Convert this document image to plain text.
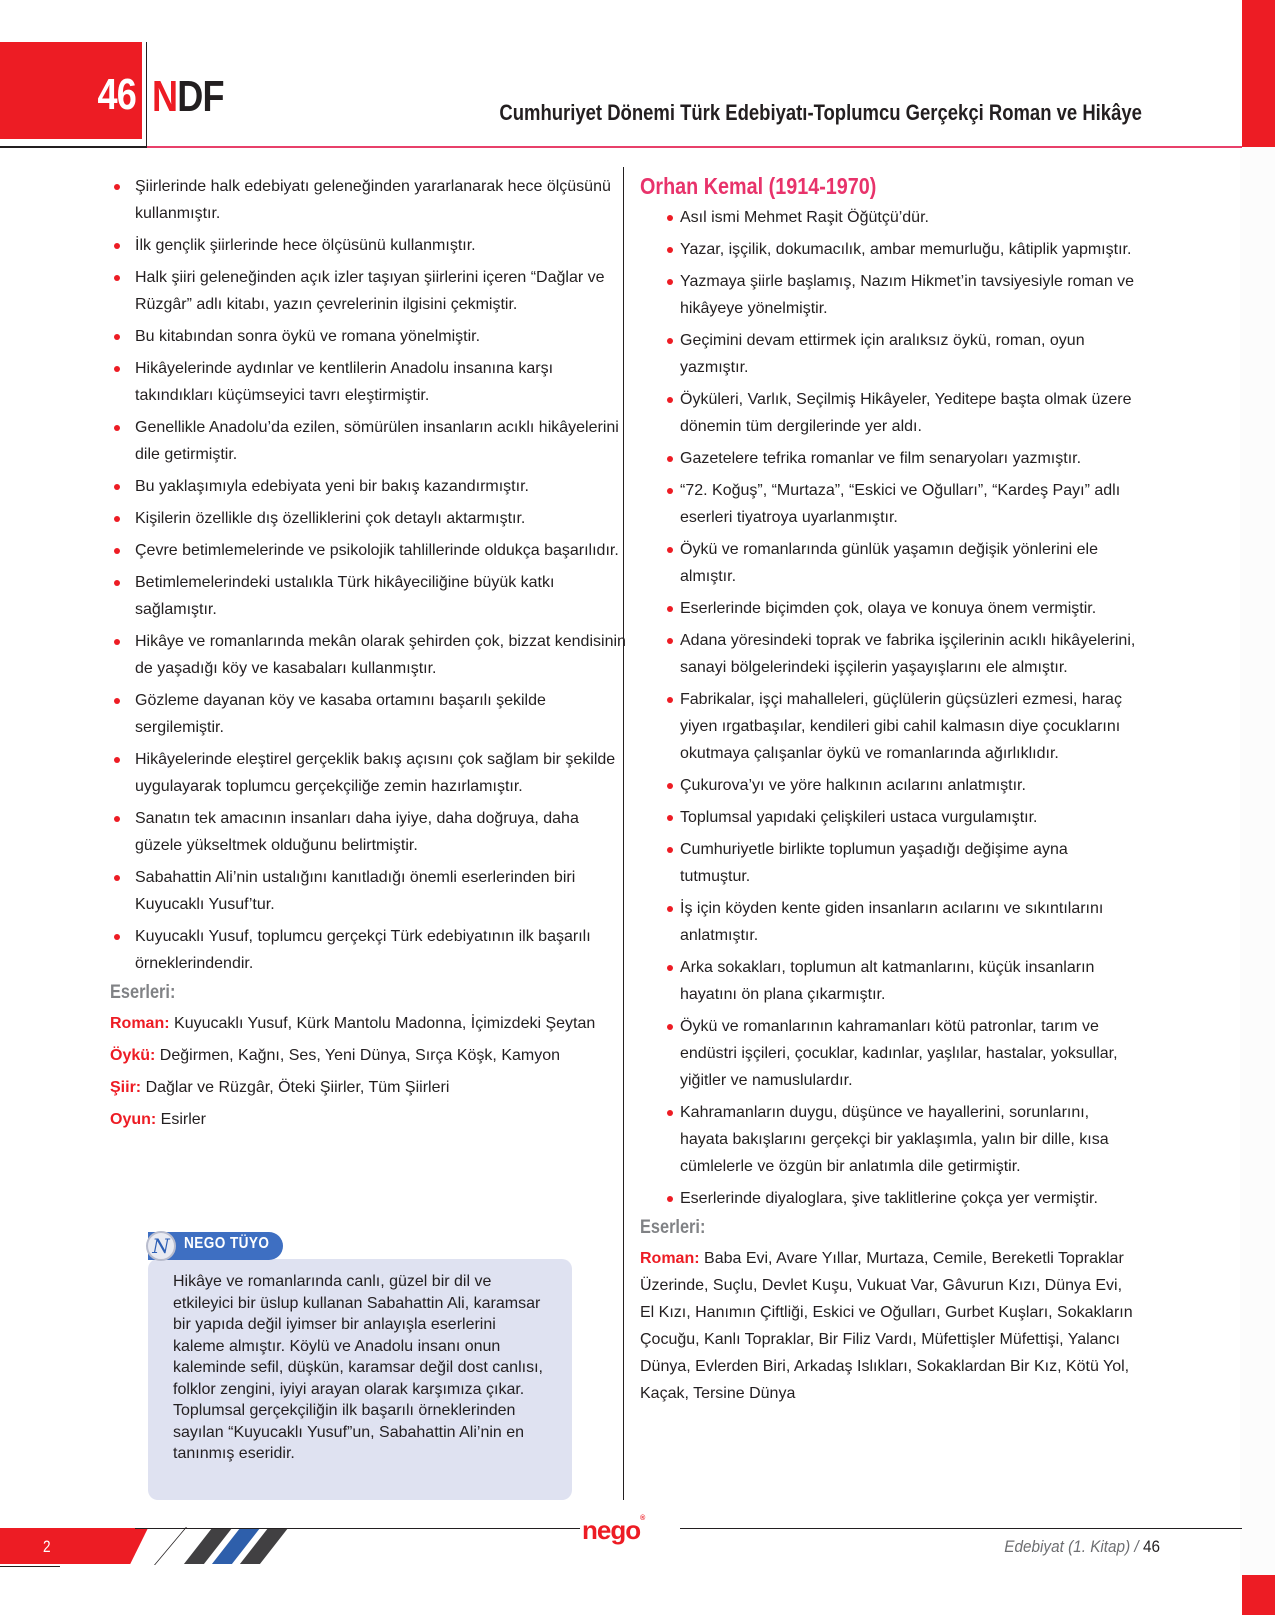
46 NDF	Cumhuriyet Dönemi Türk Edebiyatı-Toplumcu Gerçekçi Roman ve Hikâye
Şiirlerinde halk edebiyatı geleneğinden yararlanarak hece ölçüsünü kullanmıştır.
İlk gençlik şiirlerinde hece ölçüsünü kullanmıştır.
Halk şiiri geleneğinden açık izler taşıyan şiirlerini içeren “Dağlar ve Rüzgâr” adlı kitabı, yazın çevrelerinin ilgisini çekmiştir.
Bu kitabından sonra öykü ve romana yönelmiştir.
Hikâyelerinde aydınlar ve kentlilerin Anadolu insanına karşı takındıkları küçümseyici tavrı eleştirmiştir.
Genellikle Anadolu’da ezilen, sömürülen insanların acıklı hikâyelerini dile getirmiştir.
Bu yaklaşımıyla edebiyata yeni bir bakış kazandırmıştır.
Kişilerin özellikle dış özelliklerini çok detaylı aktarmıştır.
Çevre betimlemelerinde ve psikolojik tahlillerinde oldukça başarılıdır.
Betimlemelerindeki ustalıkla Türk hikâyeciliğine büyük katkı sağlamıştır.
Hikâye ve romanlarında mekân olarak şehirden çok, bizzat kendisinin de yaşadığı köy ve kasabaları kullanmıştır.
Gözleme dayanan köy ve kasaba ortamını başarılı şekilde sergilemiştir.
Hikâyelerinde eleştirel gerçeklik bakış açısını çok sağlam bir şekilde uygulayarak toplumcu gerçekçiliğe zemin hazırlamıştır.
Sanatın tek amacının insanları daha iyiye, daha doğruya, daha güzele yükseltmek olduğunu belirtmiştir.
Sabahattin Ali’nin ustalığını kanıtladığı önemli eserlerinden biri Kuyucaklı Yusuf’tur.
Kuyucaklı Yusuf, toplumcu gerçekçi Türk edebiyatının ilk başarılı örneklerindendir.
Eserleri:

Roman: Kuyucaklı Yusuf, Kürk Mantolu Madonna, İçimizdeki Şeytan

Öykü: Değirmen, Kağnı, Ses, Yeni Dünya, Sırça Köşk, Kamyon

Şiir: Dağlar ve Rüzgâr, Öteki Şiirler, Tüm Şiirleri

Oyun: Esirler

Hikâye ve romanlarında canlı, güzel bir dil ve etkileyici bir üslup kullanan Sabahattin Ali, karamsar bir yapıda değil iyimser bir anlayışla eserlerini kaleme almıştır. Köylü ve Anadolu insanı onun kaleminde sefil, düşkün, karamsar değil dost canlısı, folklor zengini, iyiyi arayan olarak karşımıza çıkar. Toplumsal gerçekçiliğin ilk başarılı örneklerinden sayılan “Kuyucaklı Yusuf”un, Sabahattin Ali’nin en tanınmış eseridir.
NEGO TÜYO
N
Orhan Kemal (1914-1970)
Asıl ismi Mehmet Raşit Öğütçü’dür.
Yazar, işçilik, dokumacılık, ambar memurluğu, kâtiplik yapmıştır.
Yazmaya şiirle başlamış, Nazım Hikmet’in tavsiyesiyle roman ve hikâyeye yönelmiştir.
Geçimini devam ettirmek için aralıksız öykü, roman, oyun yazmıştır.
Öyküleri, Varlık, Seçilmiş Hikâyeler, Yeditepe başta olmak üzere dönemin tüm dergilerinde yer aldı.
Gazetelere tefrika romanlar ve film senaryoları yazmıştır.
“72. Koğuş”, “Murtaza”, “Eskici ve Oğulları”, “Kardeş Payı” adlı eserleri tiyatroya uyarlanmıştır.
Öykü ve romanlarında günlük yaşamın değişik yönlerini ele almıştır.
Eserlerinde biçimden çok, olaya ve konuya önem vermiştir.
Adana yöresindeki toprak ve fabrika işçilerinin acıklı hikâyelerini, sanayi bölgelerindeki işçilerin yaşayışlarını ele almıştır.
Fabrikalar, işçi mahalleleri, güçlülerin güçsüzleri ezmesi, haraç yiyen ırgatbaşılar, kendileri gibi cahil kalmasın diye çocuklarını okutmaya çalışanlar öykü ve romanlarında ağırlıklıdır.
Çukurova’yı ve yöre halkının acılarını anlatmıştır.
Toplumsal yapıdaki çelişkileri ustaca vurgulamıştır.
Cumhuriyetle birlikte toplumun yaşadığı değişime ayna tutmuştur.
İş için köyden kente giden insanların acılarını ve sıkıntılarını anlatmıştır.
Arka sokakları, toplumun alt katmanlarını, küçük insanların hayatını ön plana çıkarmıştır.
Öykü ve romanlarının kahramanları kötü patronlar, tarım ve endüstri işçileri, çocuklar, kadınlar, yaşlılar, hastalar, yoksullar, yiğitler ve namuslulardır.
Kahramanların duygu, düşünce ve hayallerini, sorunlarını, hayata bakışlarını gerçekçi bir yaklaşımla, yalın bir dille, kısa cümlelerle ve özgün bir anlatımla dile getirmiştir.
Eserlerinde diyaloglara, şive taklitlerine çokça yer vermiştir.
Eserleri:

Roman: Baba Evi, Avare Yıllar, Murtaza, Cemile, Bereketli Topraklar Üzerinde, Suçlu, Devlet Kuşu, Vukuat Var, Gâvurun Kızı, Dünya Evi, El Kızı, Hanımın Çiftliği, Eskici ve Oğulları, Gurbet Kuşları, Sokakların Çocuğu, Kanlı Topraklar, Bir Filiz Vardı, Müfettişler Müfettişi, Yalancı Dünya, Evlerden Biri, Arkadaş Islıkları, Sokaklardan Bir Kız, Kötü Yol, Kaçak, Tersine Dünya

2
nego®
Edebiyat (1. Kitap) / 46
